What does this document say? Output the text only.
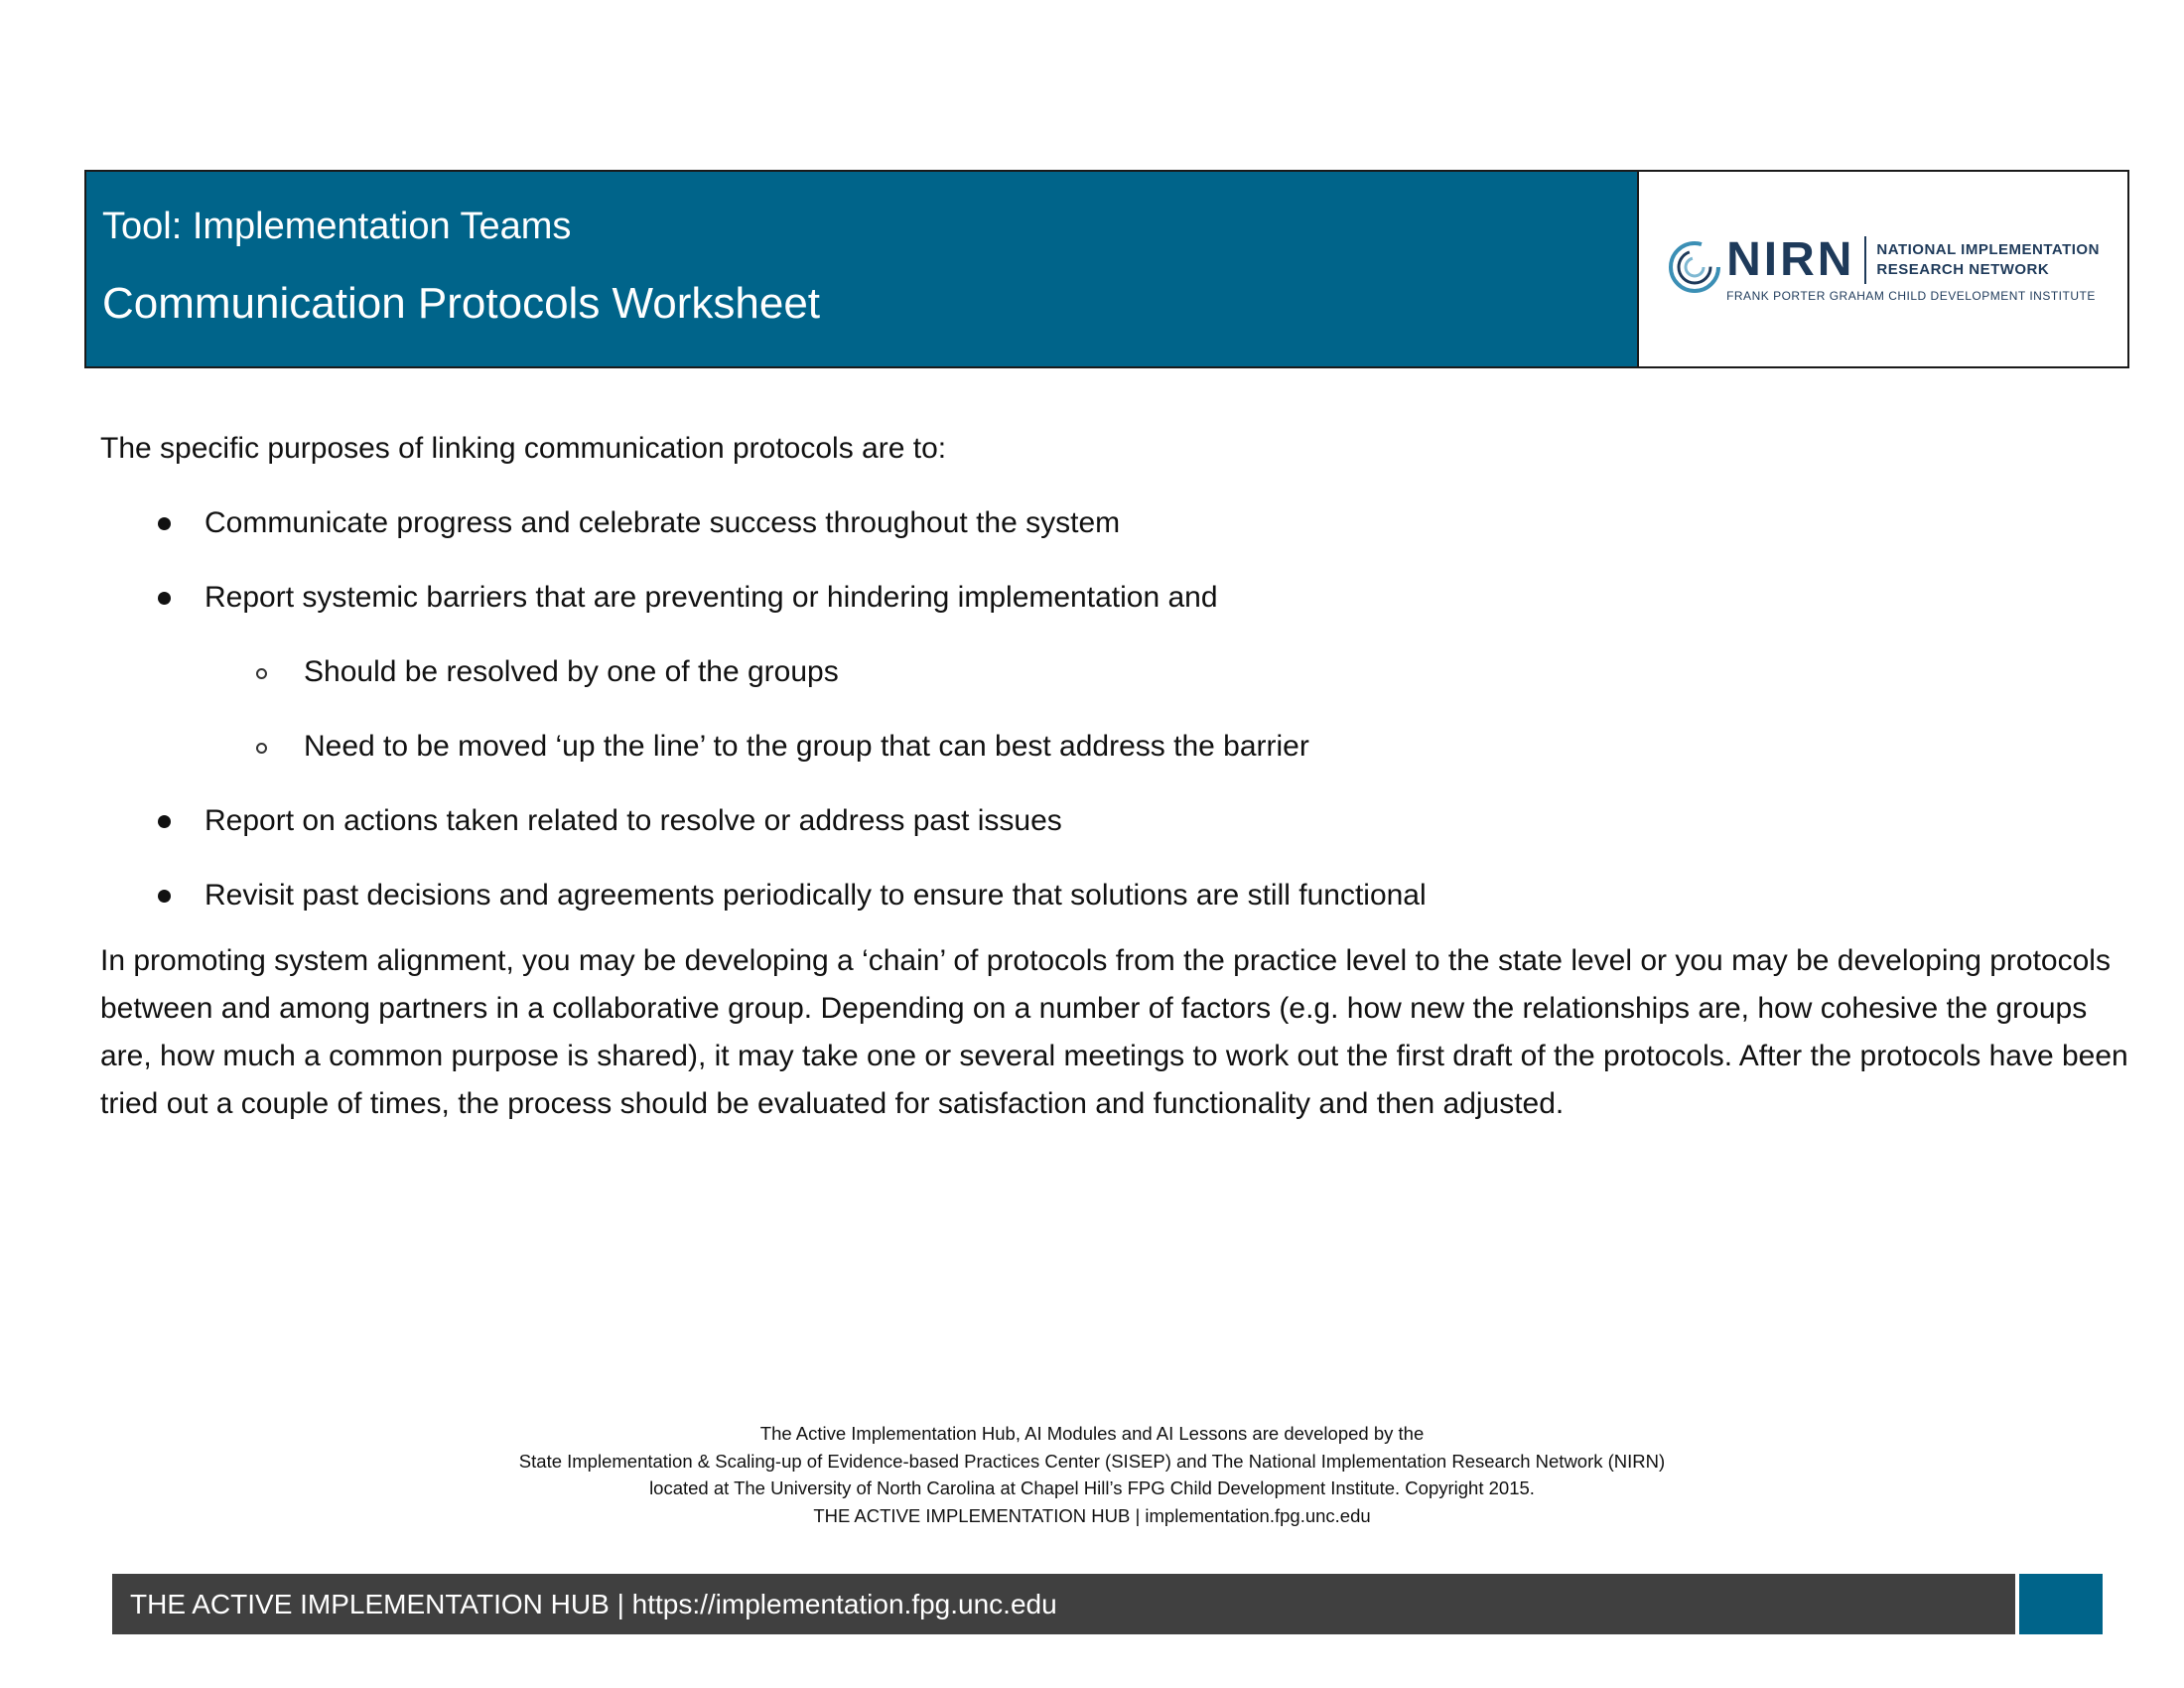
Tool: Implementation Teams
Communication Protocols Worksheet
NIRN NATIONAL IMPLEMENTATION
RESEARCH NETWORK
FRANK PORTER GRAHAM CHILD DEVELOPMENT INSTITUTE

The specific purposes of linking communication protocols are to:

Communicate progress and celebrate success throughout the system
Report systemic barriers that are preventing or hindering implementation and
Should be resolved by one of the groups
Need to be moved ‘up the line’ to the group that can best address the barrier
Report on actions taken related to resolve or address past issues
Revisit past decisions and agreements periodically to ensure that solutions are still functional

In promoting system alignment, you may be developing a ‘chain’ of protocols from the practice level to the state level or you may be developing protocols between and among partners in a collaborative group. Depending on a number of factors (e.g. how new the relationships are, how cohesive the groups are, how much a common purpose is shared), it may take one or several meetings to work out the first draft of the protocols. After the protocols have been tried out a couple of times, the process should be evaluated for satisfaction and functionality and then adjusted.

The Active Implementation Hub, AI Modules and AI Lessons are developed by the
State Implementation & Scaling-up of Evidence-based Practices Center (SISEP) and The National Implementation Research Network (NIRN)
located at The University of North Carolina at Chapel Hill’s FPG Child Development Institute. Copyright 2015.
THE ACTIVE IMPLEMENTATION HUB | implementation.fpg.unc.edu
THE ACTIVE IMPLEMENTATION HUB | https://implementation.fpg.unc.edu
